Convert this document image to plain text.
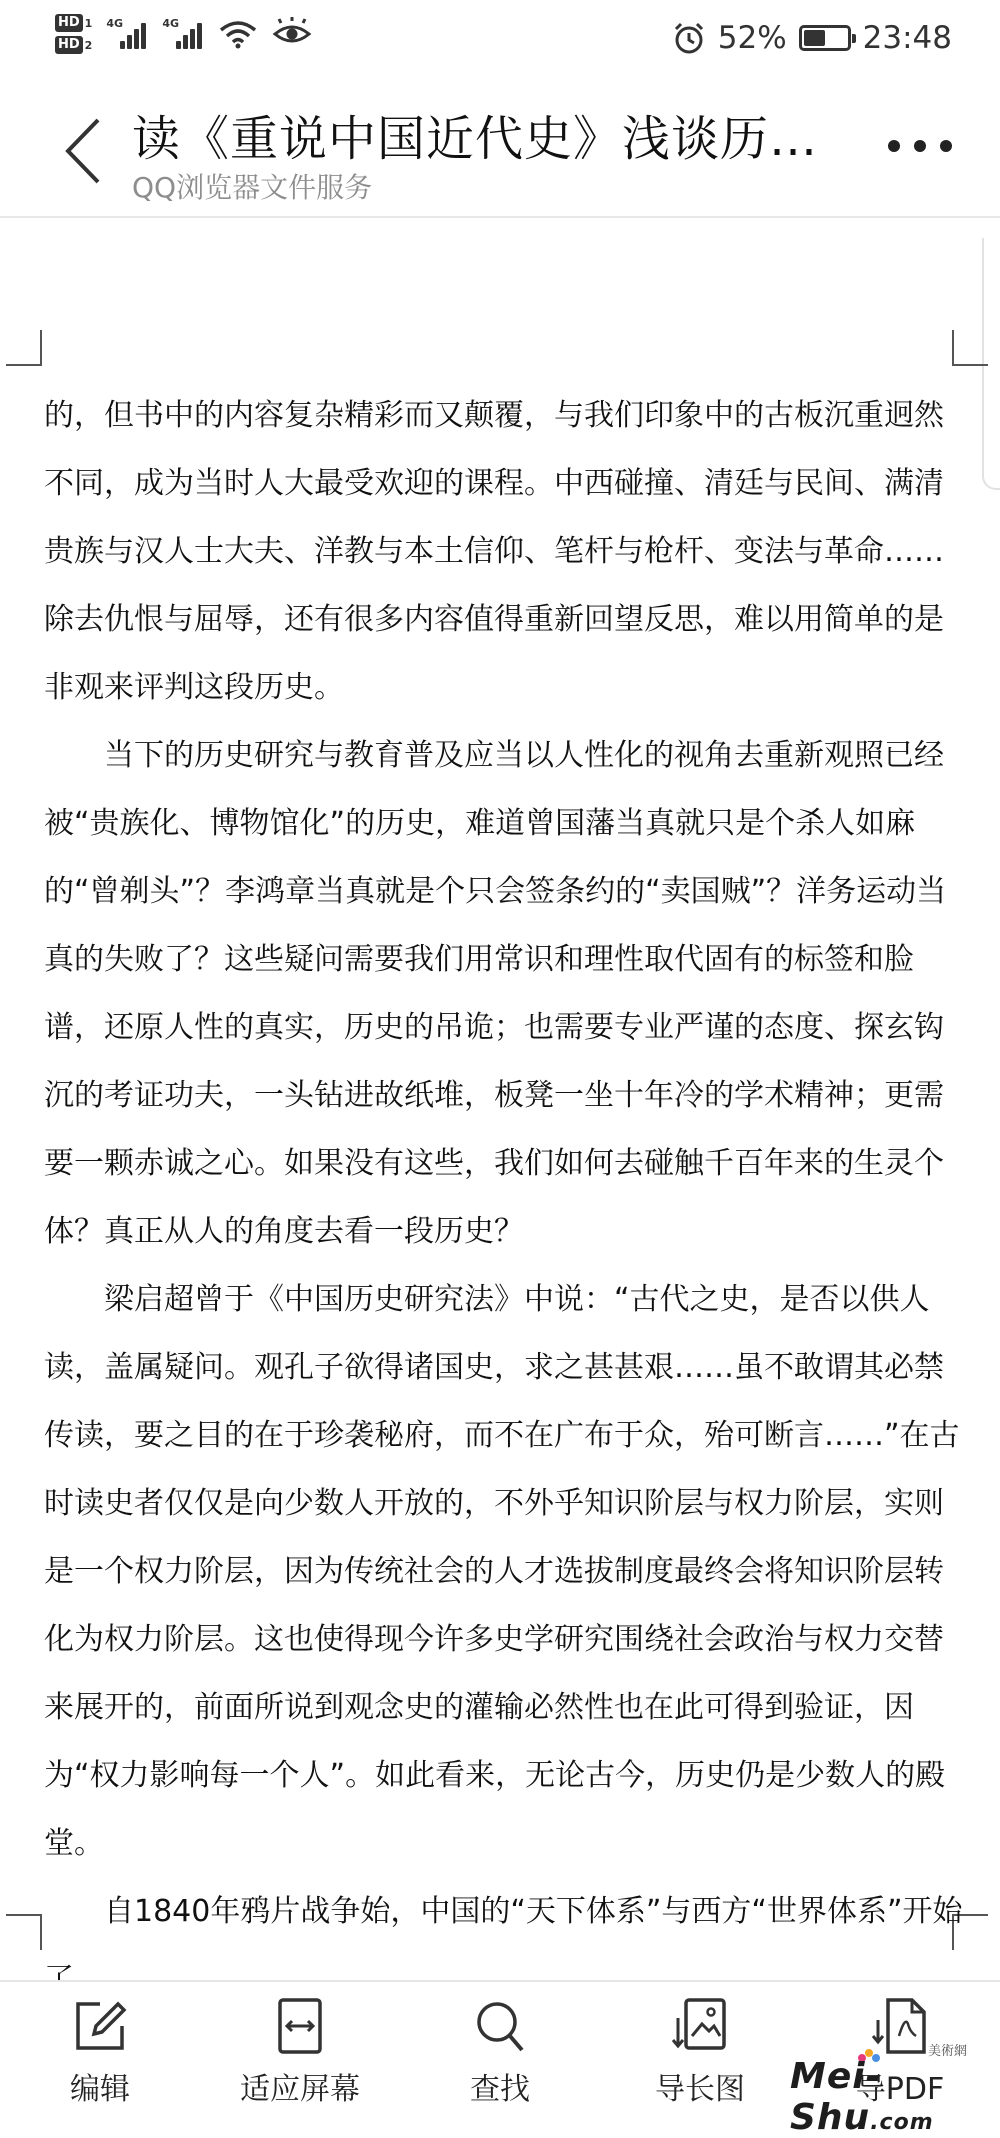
HD 1
HD 2
4G	4G	52% 23:48
读《重说中国近代史》浅谈历…
QQ浏览器文件服务

的，但书中的内容复杂精彩而又颠覆，与我们印象中的古板沉重迥然不同，成为当时人大最受欢迎的课程。中西碰撞、清廷与民间、满清贵族与汉人士大夫、洋教与本土信仰、笔杆与枪杆、变法与革命……除去仇恨与屈辱，还有很多内容值得重新回望反思，难以用简单的是非观来评判这段历史。

当下的历史研究与教育普及应当以人性化的视角去重新观照已经被“贵族化、博物馆化”的历史，难道曾国藩当真就只是个杀人如麻的“曾剃头”？李鸿章当真就是个只会签条约的“卖国贼”？洋务运动当真的失败了？这些疑问需要我们用常识和理性取代固有的标签和脸谱，还原人性的真实，历史的吊诡；也需要专业严谨的态度、探玄钩沉的考证功夫，一头钻进故纸堆，板凳一坐十年冷的学术精神；更需要一颗赤诚之心。如果没有这些，我们如何去碰触千百年来的生灵个体？真正从人的角度去看一段历史？

梁启超曾于《中国历史研究法》中说：“古代之史，是否以供人读，盖属疑问。观孔子欲得诸国史，求之甚甚艰……虽不敢谓其必禁传读，要之目的在于珍袭秘府，而不在广布于众，殆可断言……”在古时读史者仅仅是向少数人开放的，不外乎知识阶层与权力阶层，实则是一个权力阶层，因为传统社会的人才选拔制度最终会将知识阶层转化为权力阶层。这也使得现今许多史学研究围绕社会政治与权力交替来展开的，前面所说到观念史的灌输必然性也在此可得到验证，因为“权力影响每一个人”。如此看来，无论古今，历史仍是少数人的殿堂。

自1840年鸦片战争始，中国的“天下体系”与西方“世界体系”开始

编辑	适应屏幕	查找	导长图	导PDF
美術網
Mei-Shu.com
